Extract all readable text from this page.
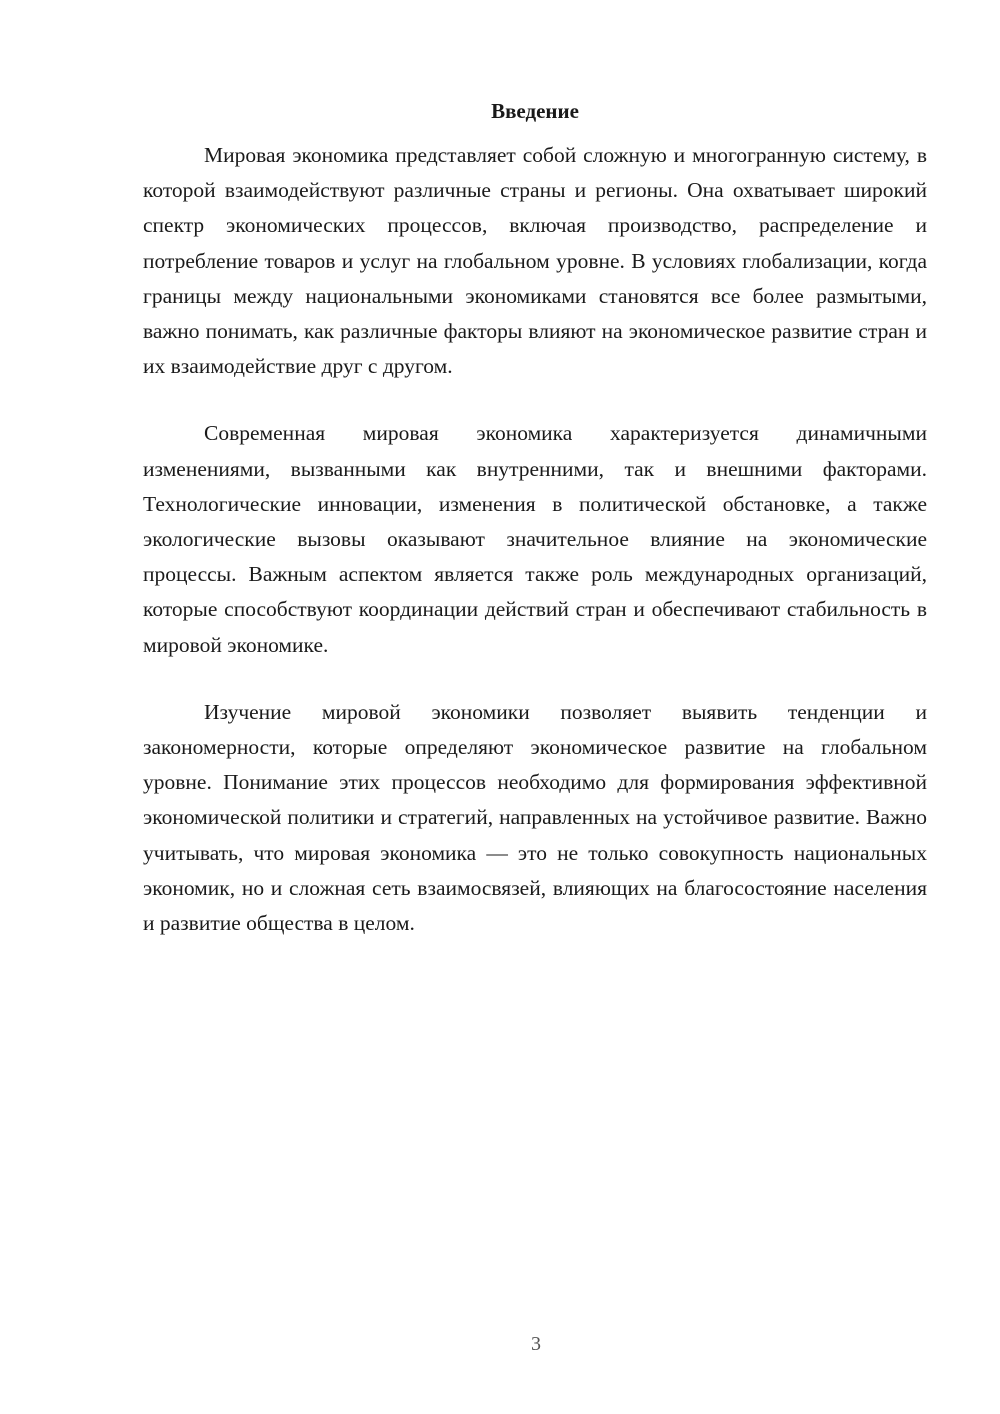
Введение

Мировая экономика представляет собой сложную и многогранную систему, в которой взаимодействуют различные страны и регионы. Она охватывает широкий спектр экономических процессов, включая производство, распределение и потребление товаров и услуг на глобальном уровне. В условиях глобализации, когда границы между национальными экономиками становятся все более размытыми, важно понимать, как различные факторы влияют на экономическое развитие стран и их взаимодействие друг с другом.

Современная мировая экономика характеризуется динамичными изменениями, вызванными как внутренними, так и внешними факторами. Технологические инновации, изменения в политической обстановке, а также экологические вызовы оказывают значительное влияние на экономические процессы. Важным аспектом является также роль международных организаций, которые способствуют координации действий стран и обеспечивают стабильность в мировой экономике.

Изучение мировой экономики позволяет выявить тенденции и закономерности, которые определяют экономическое развитие на глобальном уровне. Понимание этих процессов необходимо для формирования эффективной экономической политики и стратегий, направленных на устойчивое развитие. Важно учитывать, что мировая экономика — это не только совокупность национальных экономик, но и сложная сеть взаимосвязей, влияющих на благосостояние населения и развитие общества в целом.

3
